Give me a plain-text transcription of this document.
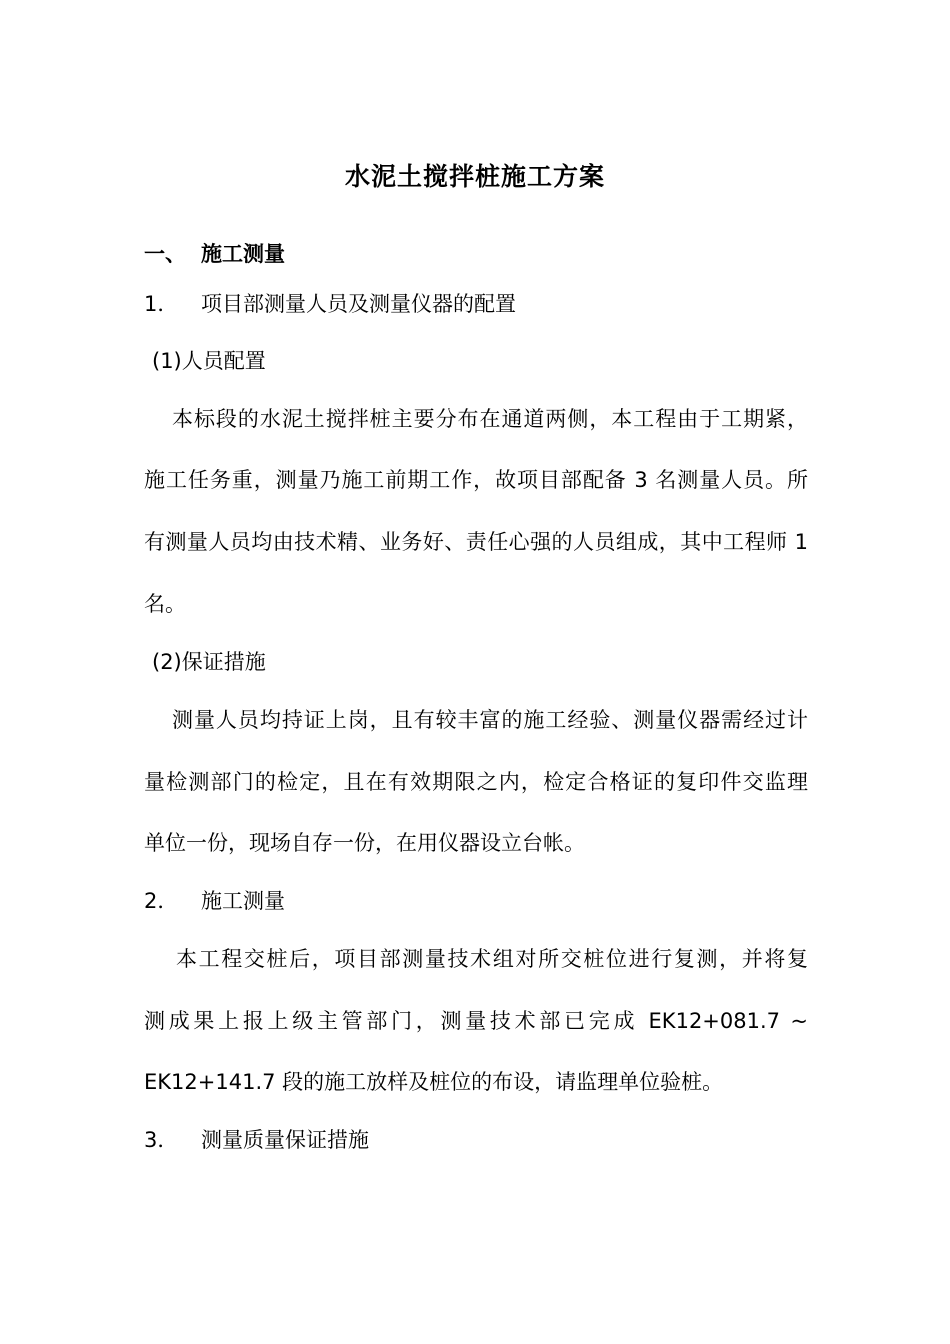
水泥土搅拌桩施工方案
一、 施工测量
1． 项目部测量人员及测量仪器的配置
(1)人员配置
本标段的水泥土搅拌桩主要分布在通道两侧，本工程由于工期紧，
施工任务重，测量乃施工前期工作，故项目部配备 3 名测量人员。所
有测量人员均由技术精、业务好、责任心强的人员组成，其中工程师 1
名。
(2)保证措施
测量人员均持证上岗，且有较丰富的施工经验、测量仪器需经过计
量检测部门的检定，且在有效期限之内，检定合格证的复印件交监理
单位一份，现场自存一份，在用仪器设立台帐。
2． 施工测量
本工程交桩后，项目部测量技术组对所交桩位进行复测，并将复
测成果上报上级主管部门，测量技术部已完成 EK12+081.7 ~
EK12+141.7 段的施工放样及桩位的布设，请监理单位验桩。
3． 测量质量保证措施
